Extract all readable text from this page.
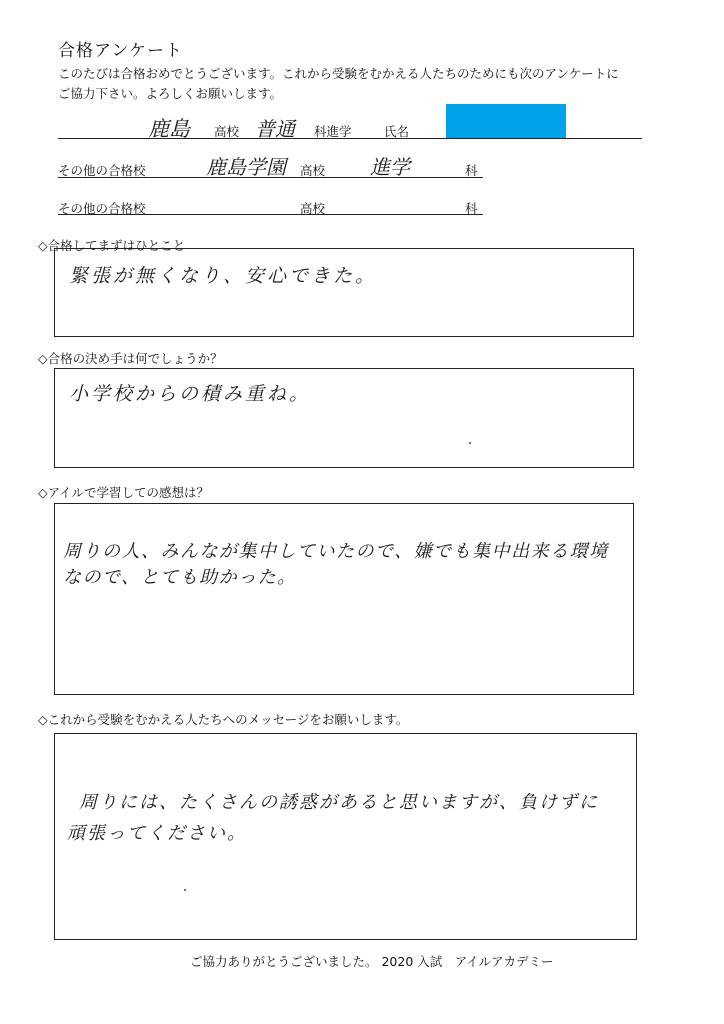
合格アンケート
このたびは合格おめでとうございます。これから受験をむかえる人たちのためにも次のアンケートに
ご協力下さい。よろしくお願いします。
鹿島 高校 普通 科進学	氏名
その他の合格校	鹿島学園 高校 進学	科
その他の合格校	高校	科
◇合格してまずはひとこと
緊張が無くなり、安心できた。
◇合格の決め手は何でしょうか？
小学校からの積み重ね。
◇アイルで学習しての感想は？
周りの人、みんなが集中していたので、嫌でも集中出来る環境
なので、とても助かった。
◇これから受験をむかえる人たちへのメッセージをお願いします。
周りには、たくさんの誘惑があると思いますが、負けずに
頑張ってください。
ご協力ありがとうございました。 2020 入試　アイルアカデミー
